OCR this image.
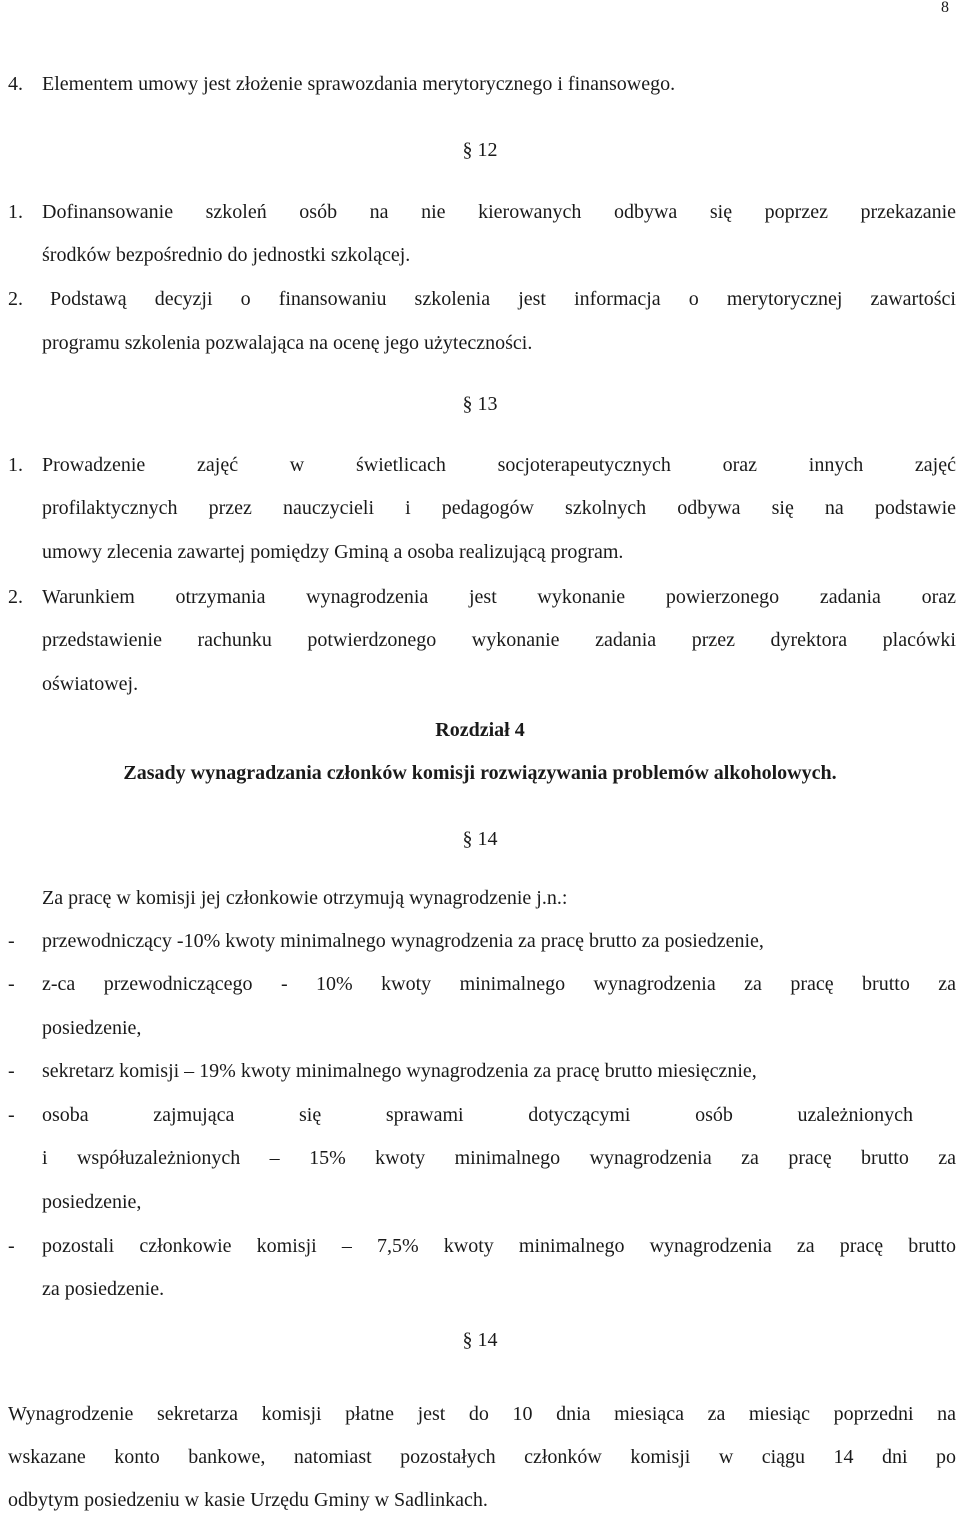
8
4. Elementem umowy jest złożenie sprawozdania merytorycznego i finansowego.
§ 12
1. Dofinansowanie szkoleń osób na nie kierowanych odbywa się poprzez przekazanie
środków bezpośrednio do jednostki szkolącej.
2. Podstawą decyzji o finansowaniu szkolenia jest informacja o merytorycznej zawartości
programu szkolenia pozwalająca na ocenę jego użyteczności.
§ 13
1. Prowadzenie zajęć w świetlicach socjoterapeutycznych oraz innych zajęć
profilaktycznych przez nauczycieli i pedagogów szkolnych odbywa się na podstawie
umowy zlecenia zawartej pomiędzy Gminą a osoba realizującą program.
2. Warunkiem otrzymania wynagrodzenia jest wykonanie powierzonego zadania oraz
przedstawienie rachunku potwierdzonego wykonanie zadania przez dyrektora placówki
oświatowej.
Rozdział 4
Zasady wynagradzania członków komisji rozwiązywania problemów alkoholowych.
§ 14
Za pracę w komisji jej członkowie otrzymują wynagrodzenie j.n.:
- przewodniczący -10% kwoty minimalnego wynagrodzenia za pracę brutto za posiedzenie,
- z-ca przewodniczącego - 10% kwoty minimalnego wynagrodzenia za pracę brutto za
posiedzenie,
- sekretarz komisji – 19% kwoty minimalnego wynagrodzenia za pracę brutto miesięcznie,
- osoba zajmująca się sprawami dotyczącymi osób uzależnionych
i współuzależnionych – 15% kwoty minimalnego wynagrodzenia za pracę brutto za
posiedzenie,
- pozostali członkowie komisji – 7,5% kwoty minimalnego wynagrodzenia za pracę brutto
za posiedzenie.
§ 14
Wynagrodzenie sekretarza komisji płatne jest do 10 dnia miesiąca za miesiąc poprzedni na
wskazane konto bankowe, natomiast pozostałych członków komisji w ciągu 14 dni po
odbytym posiedzeniu w kasie Urzędu Gminy w Sadlinkach.
